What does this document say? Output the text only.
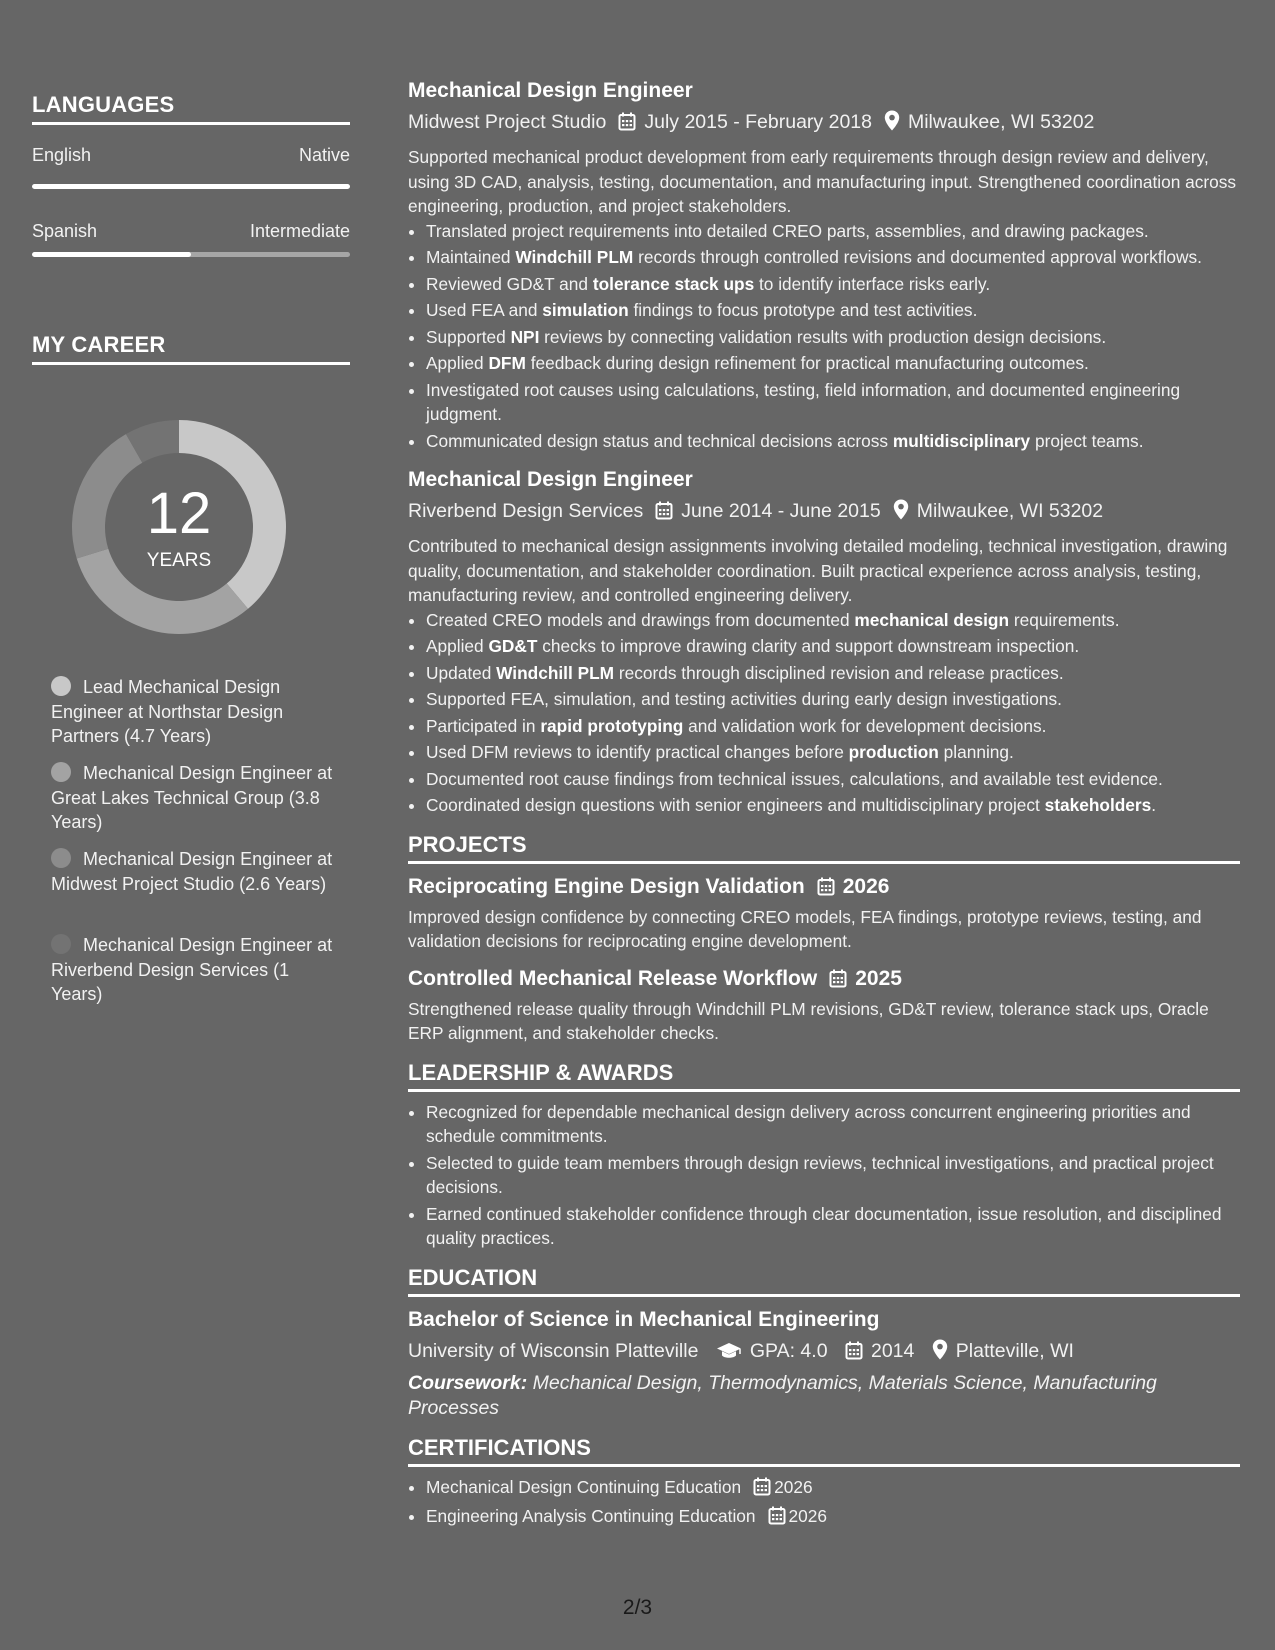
LANGUAGES
English	Native
Spanish	Intermediate
MY CAREER
12
YEARS
Lead Mechanical Design Engineer at Northstar Design Partners (4.7 Years)
Mechanical Design Engineer at Great Lakes Technical Group (3.8 Years)
Mechanical Design Engineer at Midwest Project Studio (2.6 Years)
Mechanical Design Engineer at Riverbend Design Services (1 Years)
Mechanical Design Engineer
Midwest Project Studio July 2015 - February 2018 Milwaukee, WI 53202
Supported mechanical product development from early requirements through design review and delivery, using 3D CAD, analysis, testing, documentation, and manufacturing input. Strengthened coordination across engineering, production, and project stakeholders.
• Translated project requirements into detailed CREO parts, assemblies, and drawing packages.
• Maintained Windchill PLM records through controlled revisions and documented approval workflows.
• Reviewed GD&T and tolerance stack ups to identify interface risks early.
• Used FEA and simulation findings to focus prototype and test activities.
• Supported NPI reviews by connecting validation results with production design decisions.
• Applied DFM feedback during design refinement for practical manufacturing outcomes.
• Investigated root causes using calculations, testing, field information, and documented engineering judgment.
• Communicated design status and technical decisions across multidisciplinary project teams.
Mechanical Design Engineer
Riverbend Design Services June 2014 - June 2015 Milwaukee, WI 53202
Contributed to mechanical design assignments involving detailed modeling, technical investigation, drawing quality, documentation, and stakeholder coordination. Built practical experience across analysis, testing, manufacturing review, and controlled engineering delivery.
• Created CREO models and drawings from documented mechanical design requirements.
• Applied GD&T checks to improve drawing clarity and support downstream inspection.
• Updated Windchill PLM records through disciplined revision and release practices.
• Supported FEA, simulation, and testing activities during early design investigations.
• Participated in rapid prototyping and validation work for development decisions.
• Used DFM reviews to identify practical changes before production planning.
• Documented root cause findings from technical issues, calculations, and available test evidence.
• Coordinated design questions with senior engineers and multidisciplinary project stakeholders.
PROJECTS
Reciprocating Engine Design Validation 2026
Improved design confidence by connecting CREO models, FEA findings, prototype reviews, testing, and validation decisions for reciprocating engine development.
Controlled Mechanical Release Workflow 2025
Strengthened release quality through Windchill PLM revisions, GD&T review, tolerance stack ups, Oracle ERP alignment, and stakeholder checks.
LEADERSHIP & AWARDS
• Recognized for dependable mechanical design delivery across concurrent engineering priorities and schedule commitments.
• Selected to guide team members through design reviews, technical investigations, and practical project decisions.
• Earned continued stakeholder confidence through clear documentation, issue resolution, and disciplined quality practices.
EDUCATION
Bachelor of Science in Mechanical Engineering
University of Wisconsin Platteville	GPA: 4.0 2014 Platteville, WI
Coursework: Mechanical Design, Thermodynamics, Materials Science, Manufacturing Processes
CERTIFICATIONS
• Mechanical Design Continuing Education 2026
• Engineering Analysis Continuing Education 2026
2/3
